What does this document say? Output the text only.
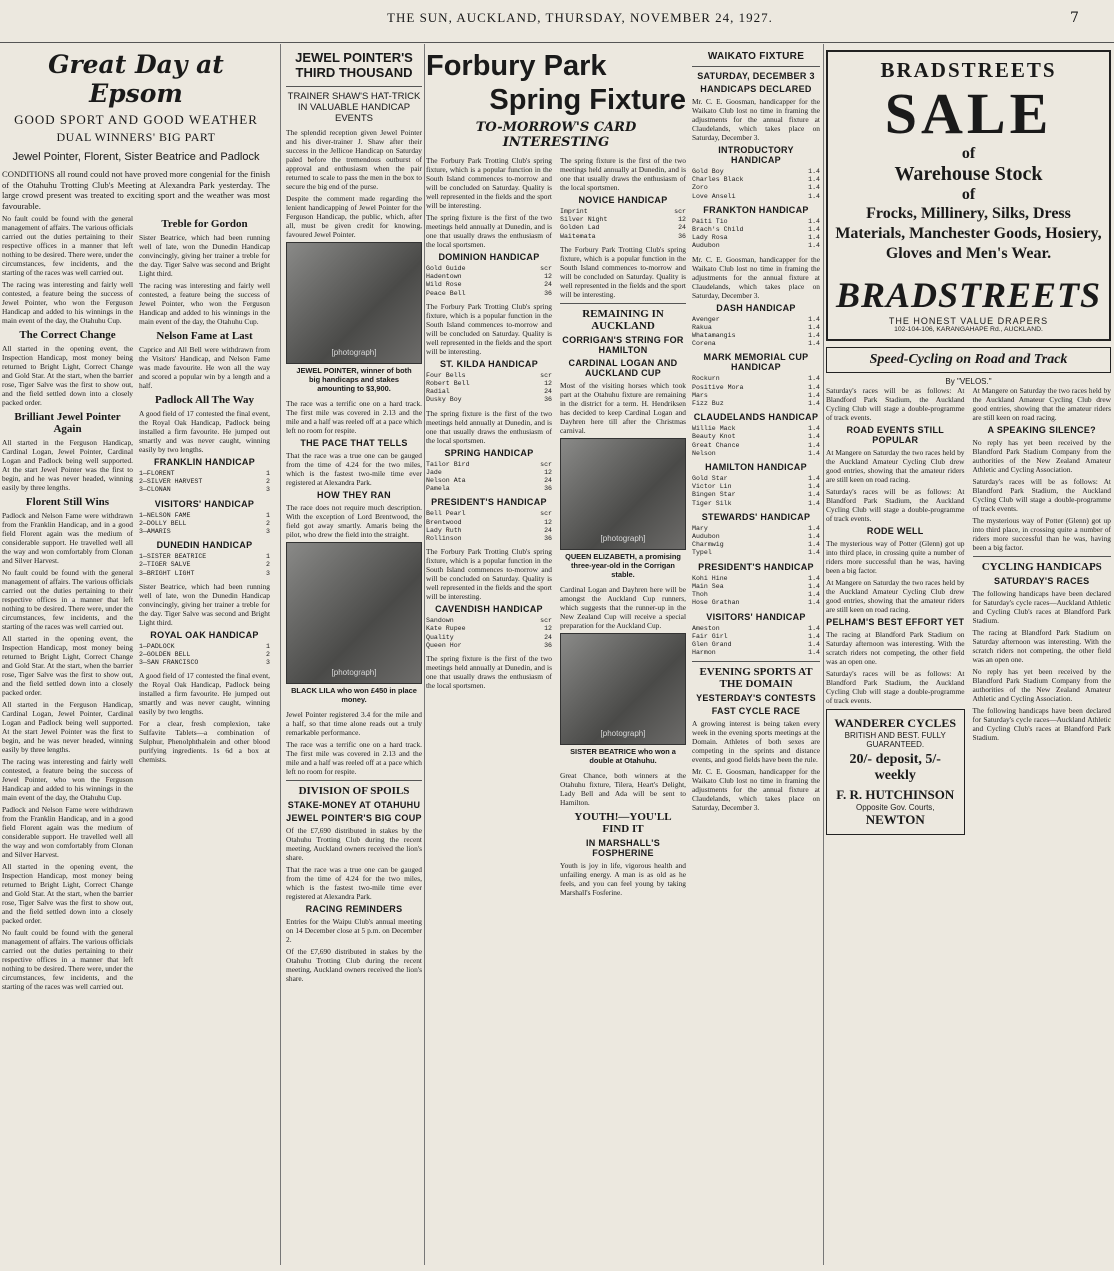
THE SUN, AUCKLAND, THURSDAY, NOVEMBER 24, 1927.	7
Great Day at Epsom
GOOD SPORT AND GOOD WEATHER
DUAL WINNERS' BIG PART
Jewel Pointer, Florent, Sister Beatrice and Padlock
CONDITIONS all round could not have proved more congenial for the finish of the Otahuhu Trotting Club's Meeting at Alexandra Park yesterday. The large crowd present was treated to exciting sport and the weather was most favourable.

No fault could be found with the general management of affairs. The various officials carried out the duties pertaining to their respective offices in a manner that left nothing to be desired. There were, under the circumstances, few incidents, and the starting of the races was well carried out.

The racing was interesting and fairly well contested, a feature being the success of Jewel Pointer, who won the Ferguson Handicap and added to his winnings in the main event of the day, the Otahuhu Cup.

The Correct Change

All started in the opening event, the Inspection Handicap, most money being returned to Bright Light, Correct Change and Gold Star. At the start, when the barrier rose, Tiger Salve was the first to show out, and the field settled down into a closely packed order.

Brilliant Jewel Pointer Again

All started in the Ferguson Handicap, Cardinal Logan, Jewel Pointer, Cardinal Logan and Padlock being well supported. At the start Jewel Pointer was the first to begin, and he was never headed, winning easily by three lengths.

Florent Still Wins

Padlock and Nelson Fame were withdrawn from the Franklin Handicap, and in a good field Florent again was the medium of considerable support. He travelled well all the way and won comfortably from Clonan and Silver Harvest.

No fault could be found with the general management of affairs. The various officials carried out the duties pertaining to their respective offices in a manner that left nothing to be desired. There were, under the circumstances, few incidents, and the starting of the races was well carried out.

All started in the opening event, the Inspection Handicap, most money being returned to Bright Light, Correct Change and Gold Star. At the start, when the barrier rose, Tiger Salve was the first to show out, and the field settled down into a closely packed order.

All started in the Ferguson Handicap, Cardinal Logan, Jewel Pointer, Cardinal Logan and Padlock being well supported. At the start Jewel Pointer was the first to begin, and he was never headed, winning easily by three lengths.

The racing was interesting and fairly well contested, a feature being the success of Jewel Pointer, who won the Ferguson Handicap and added to his winnings in the main event of the day, the Otahuhu Cup.

Padlock and Nelson Fame were withdrawn from the Franklin Handicap, and in a good field Florent again was the medium of considerable support. He travelled well all the way and won comfortably from Clonan and Silver Harvest.

All started in the opening event, the Inspection Handicap, most money being returned to Bright Light, Correct Change and Gold Star. At the start, when the barrier rose, Tiger Salve was the first to show out, and the field settled down into a closely packed order.

No fault could be found with the general management of affairs. The various officials carried out the duties pertaining to their respective offices in a manner that left nothing to be desired. There were, under the circumstances, few incidents, and the starting of the races was well carried out.

Treble for Gordon

Sister Beatrice, which had been running well of late, won the Dunedin Handicap convincingly, giving her trainer a treble for the day. Tiger Salve was second and Bright Light third.

The racing was interesting and fairly well contested, a feature being the success of Jewel Pointer, who won the Ferguson Handicap and added to his winnings in the main event of the day, the Otahuhu Cup.

Nelson Fame at Last

Caprice and All Bell were withdrawn from the Visitors' Handicap, and Nelson Fame was made favourite. He won all the way and scored a popular win by a length and a half.

Padlock All The Way

A good field of 17 contested the final event, the Royal Oak Handicap, Padlock being installed a firm favourite. He jumped out smartly and was never caught, winning easily by two lengths.

FRANKLIN HANDICAP
1—FLORENT	1
2—SILVER HARVEST	2
3—CLONAN	3
VISITORS' HANDICAP
1—NELSON FAME	1
2—DOLLY BELL	2
3—AMARIS	3
DUNEDIN HANDICAP
1—SISTER BEATRICE	1
2—TIGER SALVE	2
3—BRIGHT LIGHT	3

Sister Beatrice, which had been running well of late, won the Dunedin Handicap convincingly, giving her trainer a treble for the day. Tiger Salve was second and Bright Light third.

ROYAL OAK HANDICAP
1—PADLOCK	1
2—GOLDEN BELL	2
3—SAN FRANCISCO	3

A good field of 17 contested the final event, the Royal Oak Handicap, Padlock being installed a firm favourite. He jumped out smartly and was never caught, winning easily by two lengths.

For a clear, fresh complexion, take Sulfavite Tablets—a combination of Sulphur, Phenolphthalein and other blood purifying ingredients. 1s 6d a box at chemists.

JEWEL POINTER'S THIRD THOUSAND
TRAINER SHAW'S HAT-TRICK IN VALUABLE HANDICAP EVENTS

The splendid reception given Jewel Pointer and his diver-trainer J. Shaw after their success in the Jellicoe Handicap on Saturday paled before the tremendous outburst of approval and enthusiasm when the pair returned to scale to pass the men in the box to secure the big end of the purse.

Despite the comment made regarding the lenient handicapping of Jewel Pointer for the Ferguson Handicap, the public, which, after all, must be given credit for knowing, favoured Jewel Pointer.

[photograph]
JEWEL POINTER, winner of both big handicaps and stakes amounting to $3,900.

The race was a terrific one on a hard track. The first mile was covered in 2.13 and the mile and a half was reeled off at a pace which left no room for respite.

THE PACE THAT TELLS

That the race was a true one can be gauged from the time of 4.24 for the two miles, which is the fastest two-mile time ever registered at Alexandra Park.

HOW THEY RAN

The race does not require much description. With the exception of Lord Brentwood, the field got away smartly. Amaris being the pilot, who drew the field into the straight.

[photograph]
BLACK LILA who won £450 in place money.

Jewel Pointer registered 3.4 for the mile and a half, so that time alone reads out a truly remarkable performance.

The race was a terrific one on a hard track. The first mile was covered in 2.13 and the mile and a half was reeled off at a pace which left no room for respite.

DIVISION OF SPOILS
STAKE-MONEY AT OTAHUHU
JEWEL POINTER'S BIG COUP

Of the £7,690 distributed in stakes by the Otahuhu Trotting Club during the recent meeting, Auckland owners received the lion's share.

That the race was a true one can be gauged from the time of 4.24 for the two miles, which is the fastest two-mile time ever registered at Alexandra Park.

RACING REMINDERS

Entries for the Waipu Club's annual meeting on 14 December close at 5 p.m. on December 2.

Of the £7,690 distributed in stakes by the Otahuhu Trotting Club during the recent meeting, Auckland owners received the lion's share.

Forbury Park
Spring Fixture
TO-MORROW'S CARD INTERESTING

The Forbury Park Trotting Club's spring fixture, which is a popular function in the South Island commences to-morrow and will be concluded on Saturday. Quality is well represented in the fields and the sport will be interesting.

The spring fixture is the first of the two meetings held annually at Dunedin, and is one that usually draws the enthusiasm of the local sportsmen.

DOMINION HANDICAP
Gold Guide	scr
Hadentown	12
Wild Rose	24
Peace Bell	36

The Forbury Park Trotting Club's spring fixture, which is a popular function in the South Island commences to-morrow and will be concluded on Saturday. Quality is well represented in the fields and the sport will be interesting.

ST. KILDA HANDICAP
Four Bells	scr
Robert Bell	12
Radial	24
Dusky Boy	36

The spring fixture is the first of the two meetings held annually at Dunedin, and is one that usually draws the enthusiasm of the local sportsmen.

SPRING HANDICAP
Tailor Bird	scr
Jade	12
Nelson Ata	24
Pamela	36
PRESIDENT'S HANDICAP
Bell Pearl	scr
Brentwood	12
Lady Ruth	24
Rollinson	36

The Forbury Park Trotting Club's spring fixture, which is a popular function in the South Island commences to-morrow and will be concluded on Saturday. Quality is well represented in the fields and the sport will be interesting.

CAVENDISH HANDICAP
Sandown	scr
Kate Rupee	12
Quality	24
Queen Hor	36

The spring fixture is the first of the two meetings held annually at Dunedin, and is one that usually draws the enthusiasm of the local sportsmen.

The spring fixture is the first of the two meetings held annually at Dunedin, and is one that usually draws the enthusiasm of the local sportsmen.

NOVICE HANDICAP
Imprint	scr
Silver Night	12
Golden Lad	24
Waitemata	36

The Forbury Park Trotting Club's spring fixture, which is a popular function in the South Island commences to-morrow and will be concluded on Saturday. Quality is well represented in the fields and the sport will be interesting.

REMAINING IN AUCKLAND
CORRIGAN'S STRING FOR HAMILTON
CARDINAL LOGAN AND AUCKLAND CUP

Most of the visiting horses which took part at the Otahuhu fixture are remaining in the district for a term. H. Hendriksen has decided to keep Cardinal Logan and Dayhren here till after the Christmas carnival.

[photograph]
QUEEN ELIZABETH, a promising three-year-old in the Corrigan stable.

Cardinal Logan and Dayhren here will be amongst the Auckland Cup runners, which suggests that the runner-up in the New Zealand Cup will receive a special preparation for the Auckland Cup.

[photograph]
SISTER BEATRICE who won a double at Otahuhu.

Great Chance, both winners at the Otahuhu fixture, Tilera, Heart's Delight, Lady Bell and Ada will be sent to Hamilton.

YOUTH!—YOU'LL FIND IT
IN MARSHALL'S FOSPHERINE

Youth is joy in life, vigorous health and unfailing energy. A man is as old as he feels, and you can feel young by taking Marshall's Fosferine.

WAIKATO FIXTURE
SATURDAY, DECEMBER 3
HANDICAPS DECLARED

Mr. C. E. Goosman, handicapper for the Waikato Club lost no time in framing the adjustments for the annual fixture at Claudelands, which takes place on Saturday, December 3.

INTRODUCTORY HANDICAP
Gold Boy	1.4
Charles Black	1.4
Zoro	1.4
Love Anseli	1.4
FRANKTON HANDICAP
Paiti Tio	1.4
Brach's Child	1.4
Lady Rosa	1.4
Audubon	1.4

Mr. C. E. Goosman, handicapper for the Waikato Club lost no time in framing the adjustments for the annual fixture at Claudelands, which takes place on Saturday, December 3.

DASH HANDICAP
Avenger	1.4
Rakua	1.4
Whatamangis	1.4
Corena	1.4
MARK MEMORIAL CUP HANDICAP
Rockurn	1.4
Positive Mora	1.4
Mars	1.4
Fizz Buz	1.4
CLAUDELANDS HANDICAP
Willie Mack	1.4
Beauty Knot	1.4
Great Chance	1.4
Nelson	1.4
HAMILTON HANDICAP
Gold Star	1.4
Victor Lin	1.4
Bingen Star	1.4
Tiger Silk	1.4
STEWARDS' HANDICAP
Mary	1.4
Audubon	1.4
Charmwig	1.4
Typel	1.4
PRESIDENT'S HANDICAP
Kohi Hine	1.4
Main Sea	1.4
Thoh	1.4
Hose Grathan	1.4
VISITORS' HANDICAP
Ameston	1.4
Fair Girl	1.4
Glen Grand	1.4
Harmon	1.4
EVENING SPORTS AT THE DOMAIN
YESTERDAY'S CONTESTS
FAST CYCLE RACE

A growing interest is being taken every week in the evening sports meetings at the Domain. Athletes of both sexes are competing in the sprints and distance events, and good fields have been the rule.

Mr. C. E. Goosman, handicapper for the Waikato Club lost no time in framing the adjustments for the annual fixture at Claudelands, which takes place on Saturday, December 3.

BRADSTREETS
SALE
of
Warehouse Stock
of
Frocks, Millinery, Silks, Dress Materials, Manchester Goods, Hosiery, Gloves and Men's Wear.
BRADSTREETS
THE HONEST VALUE DRAPERS
102-104-106, KARANGAHAPE Rd., AUCKLAND.
Speed-Cycling on Road and Track
By "VELOS."

Saturday's races will be as follows: At Blandford Park Stadium, the Auckland Cycling Club will stage a double-programme of track events.

ROAD EVENTS STILL POPULAR

At Mangere on Saturday the two races held by the Auckland Amateur Cycling Club drew good entries, showing that the amateur riders are still keen on road racing.

Saturday's races will be as follows: At Blandford Park Stadium, the Auckland Cycling Club will stage a double-programme of track events.

RODE WELL

The mysterious way of Potter (Glenn) got up into third place, in crossing quite a number of riders more successful than he was, having been a big factor.

At Mangere on Saturday the two races held by the Auckland Amateur Cycling Club drew good entries, showing that the amateur riders are still keen on road racing.

PELHAM'S BEST EFFORT YET

The racing at Blandford Park Stadium on Saturday afternoon was interesting. With the scratch riders not competing, the other field was an open one.

Saturday's races will be as follows: At Blandford Park Stadium, the Auckland Cycling Club will stage a double-programme of track events.

WANDERER CYCLES
BRITISH AND BEST. FULLY GUARANTEED.
20/- deposit, 5/- weekly
F. R. HUTCHINSON
Opposite Gov. Courts,
NEWTON

At Mangere on Saturday the two races held by the Auckland Amateur Cycling Club drew good entries, showing that the amateur riders are still keen on road racing.

A SPEAKING SILENCE?

No reply has yet been received by the Blandford Park Stadium Company from the authorities of the New Zealand Amateur Athletic and Cycling Association.

Saturday's races will be as follows: At Blandford Park Stadium, the Auckland Cycling Club will stage a double-programme of track events.

The mysterious way of Potter (Glenn) got up into third place, in crossing quite a number of riders more successful than he was, having been a big factor.

CYCLING HANDICAPS
SATURDAY'S RACES

The following handicaps have been declared for Saturday's cycle races—Auckland Athletic and Cycling Club's races at Blandford Park Stadium.

The racing at Blandford Park Stadium on Saturday afternoon was interesting. With the scratch riders not competing, the other field was an open one.

No reply has yet been received by the Blandford Park Stadium Company from the authorities of the New Zealand Amateur Athletic and Cycling Association.

The following handicaps have been declared for Saturday's cycle races—Auckland Athletic and Cycling Club's races at Blandford Park Stadium.
